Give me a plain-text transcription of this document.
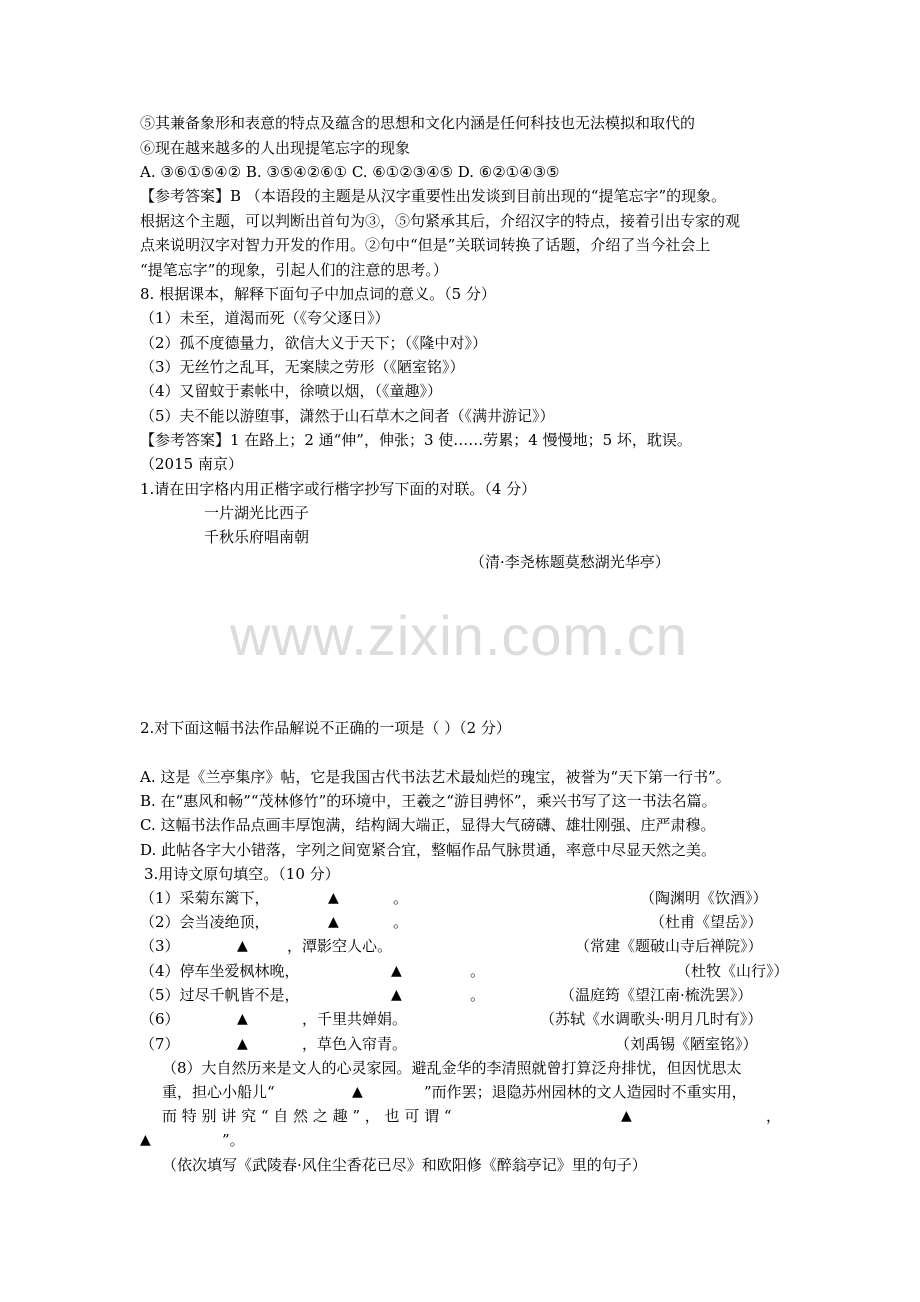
⑤其兼备象形和表意的特点及蕴含的思想和文化内涵是任何科技也无法模拟和取代的
⑥现在越来越多的人出现提笔忘字的现象
A. ③⑥①⑤④② B. ③⑤④②⑥① C. ⑥①②③④⑤ D. ⑥②①④③⑤
【参考答案】B （本语段的主题是从汉字重要性出发谈到目前出现的“提笔忘字”的现象。
根据这个主题，可以判断出首句为③，⑤句紧承其后，介绍汉字的特点，接着引出专家的观
点来说明汉字对智力开发的作用。②句中“但是”关联词转换了话题，介绍了当今社会上
“提笔忘字”的现象，引起人们的注意的思考。）
8. 根据课本，解释下面句子中加点词的意义。（5 分）
（1）未至，道渴而死（《夸父逐日》）
（2）孤不度德量力，欲信大义于天下；（《隆中对》）
（3）无丝竹之乱耳，无案牍之劳形（《陋室铭》）
（4）又留蚊于素帐中，徐喷以烟，（《童趣》）
（5）夫不能以游堕事，潇然于山石草木之间者（《满井游记》）
【参考答案】1 在路上；2 通“伸”，伸张；3 使……劳累；4 慢慢地；5 坏，耽误。
（2015 南京）
1.请在田字格内用正楷字或行楷字抄写下面的对联。（4 分）
一片湖光比西子
千秋乐府唱南朝
（清·李尧栋题莫愁湖光华亭）
www.zixin.com.cn
2.对下面这幅书法作品解说不正确的一项是（ ）（2 分）
A. 这是《兰亭集序》帖，它是我国古代书法艺术最灿烂的瑰宝，被誉为“天下第一行书”。
B. 在“惠风和畅”“茂林修竹”的环境中，王羲之“游目骋怀”，乘兴书写了这一书法名篇。
C. 这幅书法作品点画丰厚饱满，结构阔大端正，显得大气磅礴、雄壮刚强、庄严肃穆。
D. 此帖各字大小错落，字列之间宽紧合宜，整幅作品气脉贯通，率意中尽显天然之美。
3.用诗文原句填空。（10 分）
（1）采菊东篱下，	▲	。	（陶渊明《饮酒》）
（2）会当凌绝顶，	▲	。	（杜甫《望岳》）
（3）	▲	，潭影空人心。	（常建《题破山寺后禅院》）
（4）停车坐爱枫林晚，	▲	。	（杜牧《山行》）
（5）过尽千帆皆不是，	▲	。	（温庭筠《望江南·梳洗罢》）
（6）	▲	，千里共婵娟。	（苏轼《水调歌头·明月几时有》）
（7）	▲	，草色入帘青。	（刘禹锡《陋室铭》）
（8）大自然历来是文人的心灵家园。避乱金华的李清照就曾打算泛舟排忧，但因忧思太
重，担心小船儿“	▲	”而作罢；退隐苏州园林的文人造园时不重实用，
而 特 别 讲 究 “ 自 然 之 趣 ” ， 也 可 谓 “	▲	，
▲	”。
（依次填写《武陵春·风住尘香花已尽》和欧阳修《醉翁亭记》里的句子）
